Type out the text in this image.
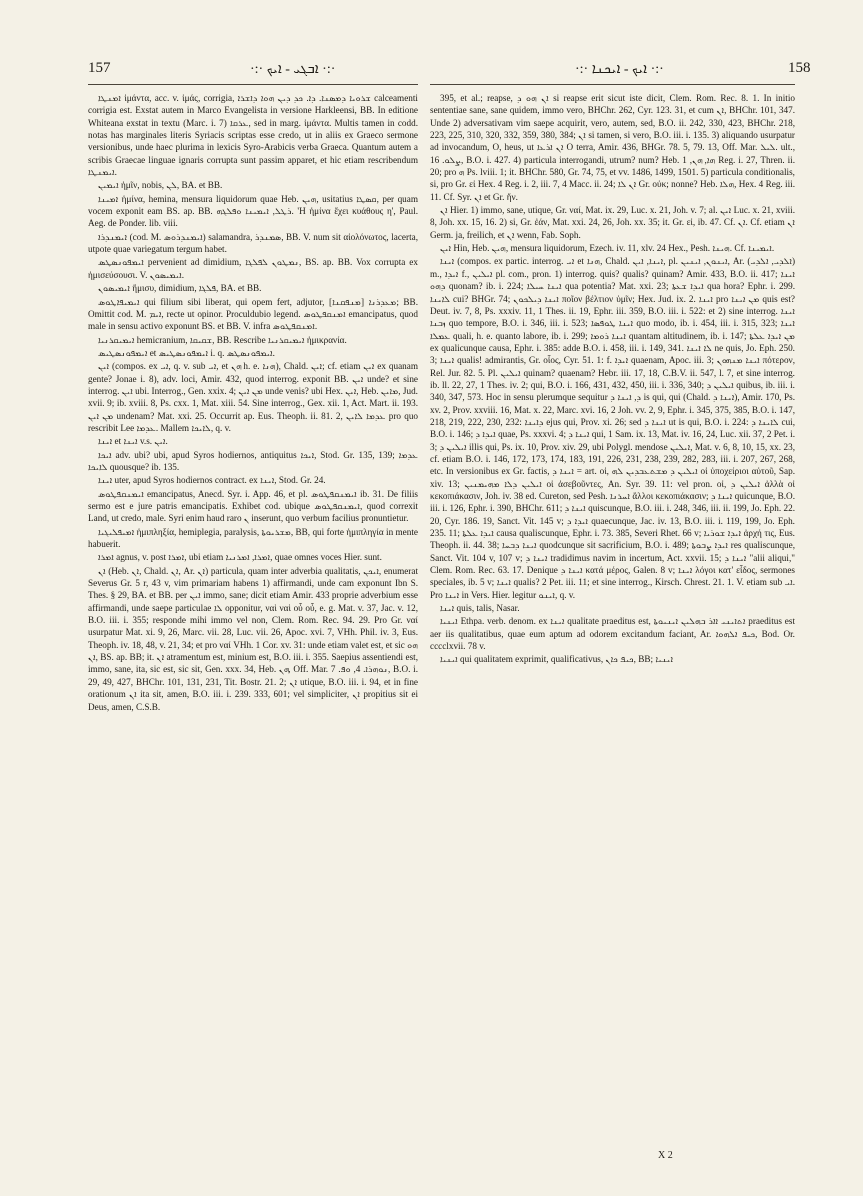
157	·:· ܐܒܓܝ - ܐܝܟ ·:·	·:· ܐܝܟ - ܐܝܟܢܐ ·:·	158

ܐܡܢܛܐ ἱμάντα, acc. v. ἱμάς, corrigia, ܫܪܘܝܐ ܕܡܣܢܐ. ܕܐ. ܟܕ ܕܝܢ ܗܘܐ ܕܐܫܪܐ calceamenti corrigia est. Exstat autem in Marco Evangelista in versione Harkleensi, BB. In editione Whiteana exstat in textu (Marc. i. 7) ܥܪܩܐ, sed in marg. ἱμάντα. Multis tamen in codd. notas has marginales literis Syriacis scriptas esse credo, ut in aliis ex Graeco sermone versionibus, unde haec plurima in lexicis Syro-Arabicis verba Graeca. Quantum autem a scribis Graecae linguae ignaris corrupta sunt passim apparet, et hic etiam rescribendum ܐܝܡܢܛܐ.

ܐܝܡܝܢ ἡμῖν, nobis, ܠܢ, BA. et BB.

ܐܡܝܢܐ ἡμίνα, hemina, mensura liquidorum quae Heb. ܗܝܢ, usitatius ܩܣܛܐ, per quam vocem exponit eam BS. ap. BB. ܪܛܠ, ܐܝܡܝܢܐ ܘܦܠܓܗ. 'Η ἡμίνα ἔχει κυάθους η', Paul. Aeg. de Ponder. lib. viii.

ܐܝܡܢܕܪܐ (cod. M. ܐܝܡܢܕܪܘܣ) salamandra, ܣܡܢܕܪ, BB. V. num sit αἰολόνωτος, lacerta, utpote quae variegatum tergum habet.

ܐܝܡܦܘܢܣܛܣ pervenient ad dimidium, ܢܡܛܘܢ ܠܦܠܓܐ, BS. ap. BB. Vox corrupta ex ἡμισεύσουσι. V. ܐܝܡܝܣܘܢ.

ܐܝܡܝܣܘܢ ἥμισυ, dimidium, ܦܠܓܐ, BA. et BB.

ܐܝܡܝܦܐܛܘܣ qui filium sibi liberat, qui opem fert, adjutor, ܡܥܕܪܢܐ [ܡܢܦܩܢܐ]; BB. Omittit cod. M. ܐܝܡ, recte ut opinor. Proculdubio legend. ܐܡܢܩܦܛܘܣ emancipatus, quod male in sensu activo exponunt BS. et BB. V. infra ܐܡܢܩܦܛܘܣ.

ܐܝܡܝܩܪܢܝܐ hemicranium, ܫܩܝܩܐ, BB. Rescribe ܐܝܡܝܩܪܢܝܐ ἡμικρανία.

ܐܝܡܦܘܢܣܛܝܣ et ܐܝܡܦܘܢܣܛܝܣ i. q. ܐܝܡܦܘܢܣܛܣ.

ܐܝܢ (compos. ex ܐܝ, q. v. sub ܐܝ, et ܗܢ h. e. ܗܢܐ), Chald. ܐܝܢ; cf. etiam ܐܝܢ ex quanam gente? Jonae i. 8), adv. loci, Amir. 432, quod interrog. exponit BB. ܐܝܢ unde? et sine interrog. ܐܝܢ ubi. Interrog., Gen. xxix. 4; ܡܢ ܐܝܢ unde venis? ubi Hex. ܐܝܢ, Heb. ܡܐܝܢ, Jud. xvii. 9; ib. xviii. 8, Ps. cxx. 1, Mat. xiii. 54. Sine interrog., Gex. xii. 1, Act. Mart. ii. 193. ܡܢ ܐܝܢ undenam? Mat. xxi. 25. Occurrit ap. Eus. Theoph. ii. 81. 2, ܥܕܡܐ ܠܐܝܢ pro quo rescribit Lee ܥܕܡܐ. Mallem ܠܐܝܟܐ, q. v.

ܐܝܢܐ et ܐܝܢܐ v.s. ܐܝܢ.

ܐܝܟܐ adv. ubi? ubi, apud Syros hodiernos, antiquitus ܐܝܟܐ, Stod. Gr. 135, 139; ܥܕܡܐ ܠܐܝܟܐ quousque? ib. 135.

ܐܝܢܐ uter, apud Syros hodiernos contract. ex ܐܝܢܐ, Stod. Gr. 24.

ܐܝܡܢܩܦܛܘܣ emancipatus, Anecd. Syr. i. App. 46, et pl. ܐܝܡܢܩܦܛܘܣ ib. 31. De filiis sermo est e jure patris emancipatis. Exhibet cod. ubique ܐܝܡܢܩܦܛܘܣ, quod correxit Land, ut credo, male. Syri enim haud raro ܢ inserunt, quo verbum facilius pronuntietur.

ܐܡܝܦܠܝܓܝܐ ἡμιπληξία, hemiplegia, paralysis, ܡܫܪܝܘܬܐ, BB, qui forte ἡμιπληγία in mente habuerit.

ܐܡܪܐ agnus, v. post ܐܡܪܐ, ubi etiam ܐܡܪܐ, ܐܡܪܢܝܐ, quae omnes voces Hier. sunt.

ܐܢ (Heb. ܐܢ, Chald. ܐܢ, Ar. ܐܢ) particula, quam inter adverbia qualitatis, ܐܝܟܢ, enumerat Severus Gr. 5 r, 43 v, vim primariam habens 1) affirmandi, unde cam exponunt Ibn S. Thes. § 29, BA. et BB. per ܐܝܢ immo, sane; dicit etiam Amir. 433 proprie adverbium esse affirmandi, unde saepe particulae ܠܐ opponitur, ναὶ ναὶ οὖ οὖ, e. g. Mat. v. 37, Jac. v. 12, B.O. iii. i. 355; responde mihi immo vel non, Clem. Rom. Rec. 94. 29. Pro Gr. ναί usurpatur Mat. xi. 9, 26, Marc. vii. 28, Luc. vii. 26, Apoc. xvi. 7, VHh. Phil. iv. 3, Eus. Theoph. iv. 18, 48, v. 21, 34; et pro ναί VHh. 1 Cor. xv. 31: unde etiam valet est, et sic ܗܘ ܐܢ, BS. ap. BB; it. ܐܢ atramentum est, minium est, B.O. iii. i. 355. Saepius assentiendi est, immo, sane, ita, sic est, sic sit, Gen. xxx. 34, Heb. ܗܢ, Off. Mar. ܢܘܗܪܐ. 4, ܘܦ. 7, B.O. i. 29, 49, 427, BHChr. 101, 131, 231, Tit. Bostr. 21. 2; ܐܢ utique, B.O. iii. i. 94, et in fine orationum ܐܢ ita sit, amen, B.O. iii. i. 239. 333, 601; vel simpliciter, ܐܢ propitius sit ei Deus, amen, C.S.B.

395, et al.; reapse, ܐܢ ܗܘ ܕ si reapse erit sicut iste dicit, Clem. Rom. Rec. 8. 1. In initio sententiae sane, sane quidem, immo vero, BHChr. 262, Cyr. 123. 31, et cum ܐܢ, BHChr. 101, 347. Unde 2) adversativam vim saepe acquirit, vero, autem, sed, B.O. ii. 242, 330, 423, BHChr. 218, 223, 225, 310, 320, 332, 359, 380, 384; ܐܢ si tamen, si vero, B.O. iii. i. 135. 3) aliquando usurpatur ad invocandum, O, heus, ut ܐܢ ܐܪܥܐ O terra, Amir. 436, BHGr. 78. 5, 79. 13, Off. Mar. ܠܝܠ. ult., ܨܠܘ. 16, B.O. i. 427. 4) particula interrogandi, utrum? num? Heb. ܗܐ, ܗܢ, 1 Reg. i. 27, Thren. ii. 20; pro ܗ Ps. lviii. 1; it. BHChr. 580, Gr. 74, 75, et vv. 1486, 1499, 1501. 5) particula conditionalis, si, pro Gr. εἰ Hex. 4 Reg. i. 2, iii. 7, 4 Macc. ii. 24; ܐܢ ܠܐ Gr. οὐκ; nonne? Heb. ܗܠܐ, Hex. 4 Reg. iii. 11. Cf. Syr. ܐܢ et Gr. ἤν.

ܐܢ Hier. 1) immo, sane, utique, Gr. ναί, Mat. ix. 29, Luc. x. 21, Joh. v. 7; al. ܐܝܢ Luc. x. 21, xviii. 8, Joh. xx. 15, 16. 2) si, Gr. ἐάν, Mat. xxi. 24, 26, Joh. xx. 35; it. Gr. εἰ, ib. 47. Cf. ܐܢ. Cf. etiam ܐܢ Germ. ja, freilich, et ܐܢ wenn, Fab. Soph.

ܐܝܢ Hin, Heb. ܗܝܢ, mensura liquidorum, Ezech. iv. 11, xlv. 24 Hex., Pesh. ܗܝܢܐ. Cf. ܐܝܡܝܢܐ.

ܐܝܢܐ (compos. ex partic. interrog. ܐܝ et ܗܢܐ, Chald. ܐܝܢܐ, ܐܝܢ, pl. ܐܝܢܘܢ, ܐܝܢܝܢ, Ar. (ܐܠܕܝ, ܐܠܕܝ) m., ܐܝܕܐ f., ܐܝܠܝܢ pl. com., pron. 1) interrog. quis? qualis? quinam? Amir. 433, B.O. ii. 417; ܐܝܢܐ ܕܗܘ quonam? ib. i. 224; ܐܝܢܐ ܚܝܠܐ qua potentia? Mat. xxi. 23; ܐܝܕܐ ܫܥܬܐ qua hora? Ephr. i. 299. ܠܐܝܢܐ cui? BHGr. 74; ܐܝܢܐ ܕܝܠܟܘܢ ποῖον βέλτιον ὑμῖν; Hex. Jud. ix. 2. ܐܝܢܐ pro ܡܢ ܐܝܢܐ quis est? Deut. iv. 7, 8, Ps. xxxiv. 11, 1 Thes. ii. 19, Ephr. iii. 359, B.O. iii. i. 522: et 2) sine interrog. ܐܝܢܐ ܙܒܢܐ quo tempore, B.O. i. 346, iii. i. 523; ܐܝܢܐ ܛܘܦܣܐ quo modo, ib. i. 454, iii. i. 315, 323; ܐܝܢܐ ܥܡܠܐ quali, h. e. quanto labore, ib. i. 299; ܐܝܢܐ ܪܘܡܐ quantam altitudinem, ib. i. 147; ܡܢ ܐܝܕܐ ܥܠܬܐ ex qualicunque causa, Ephr. i. 385: adde B.O. i. 458, iii. i. 149, 341. ܠܐ ܐܝܢܐ ne quis, Jo. Eph. 250. 3; ܐܝܢܐ qualis! admirantis, Gr. οἷος, Cyr. 51. 1: f. ܐܝܕܐ quaenam, Apoc. iii. 3; ܐܝܢܐ ܡܢܗܘܢ πότερον, Rel. Jur. 82. 5. Pl. ܐܝܠܝܢ quinam? quaenam? Hebr. iii. 17, 18, C.B.V. ii. 547, l. 7, et sine interrog. ib. ll. 22, 27, 1 Thes. iv. 2; qui, B.O. i. 166, 431, 432, 450, iii. i. 336, 340; ܐܝܠܝܢ ܕ quibus, ib. iii. i. 340, 347, 573. Hoc in sensu plerumque sequitur ܕ, ܐܝܢܐ ܕ is qui, qui (Chald. ܐܝܢܐ ܕ), Amir. 170, Ps. xv. 2, Prov. xxviii. 16, Mat. x. 22, Marc. xvi. 16, 2 Joh. vv. 2, 9, Ephr. i. 345, 375, 385, B.O. i. 147, 218, 219, 222, 230, 232: ܕܐܝܢܐ ejus qui, Prov. xi. 26; sed ܐܝܢܐ ܕ ut is qui, B.O. i. 224: ܠܐܝܢܐ ܕ cui, B.O. i. 146; ܐܝܕܐ ܕ quae, Ps. xxxvi. 4; ܐܝܢܐ ܕ qui, 1 Sam. ix. 13, Mat. iv. 16, 24, Luc. xii. 37, 2 Pet. i. 3; ܐܝܠܝܢ ܕ illis qui, Ps. ix. 10, Prov. xiv. 29, ubi Polygl. mendose ܐܝܠܝܢ, Mat. v. 6, 8, 10, 15, xx. 23, cf. etiam B.O. i. 146, 172, 173, 174, 183, 191, 226, 231, 238, 239, 282, 283, iii. i. 207, 267, 268, etc. In versionibus ex Gr. factis, ܐܝܢܐ ܕ = art. οἱ, ܐܝܠܝܢ ܕ ܡܫܬܥܒܕܝܢ ܠܗ οἱ ὑποχείριοι αὐτοῦ, Sap. xiv. 13; ܐܝܠܝܢ ܕܠܐ ܡܗܝܡܢܝܢ οἱ ἀσεβοῦντες, An. Syr. 39. 11: vel pron. οἱ, ܐܝܠܝܢ ܕ ἀλλὰ οἱ κεκοπιάκασιν, Joh. iv. 38 ed. Cureton, sed Pesh. ܐܚܪܢܐ ἄλλοι κεκοπιάκασιν; ܐܝܢܐ ܕ quicunque, B.O. iii. i. 126, Ephr. i. 390, BHChr. 611; ܐܝܢܐ ܕ quiscunque, B.O. iii. i. 248, 346, iii. ii. 199, Jo. Eph. 22. 20, Cyr. 186. 19, Sanct. Vit. 145 v; ܐܝܕܐ ܕ quaecunque, Jac. iv. 13, B.O. iii. i. 119, 199, Jo. Eph. 235. 11; ܐܝܕܐ ܥܠܬܐ causa qualiscunque, Ephr. i. 73. 385, Severi Rhet. 66 v; ܐܝܕܐ ܫܘܪܝܐ ἀρχή τις, Eus. Theoph. ii. 44. 38; ܐܝܢܐ ܕܒܚܐ quodcunque sit sacrificium, B.O. i. 489; ܐܝܕܐ ܨܒܘܬܐ res qualiscunque, Sanct. Vit. 104 v, 107 v; ܐܝܢܐ ܕ tradidimus navim in incertum, Act. xxvii. 15; ܐܝܢܐ ܕ "alii aliqui," Clem. Rom. Rec. 63. 17. Denique ܐܝܢܐ ܕ κατά μέρος, Galen. 8 v; ܐܝܢܐ λόγοι κατ' εἶδος, sermones speciales, ib. 5 v; ܐܝܢܐ qualis? 2 Pet. iii. 11; et sine interrog., Kirsch. Chrest. 21. 1. V. etiam sub ܐܝ. Pro ܐܝܢܐ in Vers. Hier. legitur ܐܝܢܘ, q. v.

ܐܝܢܐ quis, talis, Nasar.

ܐܝܢܝܐ Ethpa. verb. denom. ex ܐܝܢܐ qualitate praeditus est, ܐܬܐܝܢܝ ܐܐܪ ܒܗܠܝܢ ܐܝܢܝܘܬܐ praeditus est aer iis qualitatibus, quae eum aptum ad odorem excitandum faciant, Ar. ܟܝܦ ܐܠܗܘܐ, Bod. Or. cccclxvii. 78 v.

ܐܝܢܝܐ qui qualitatem exprimit, qualificativus, ܟܝܦ ܟܐܢ, BB; ܐܝܢܝܐ

X 2
